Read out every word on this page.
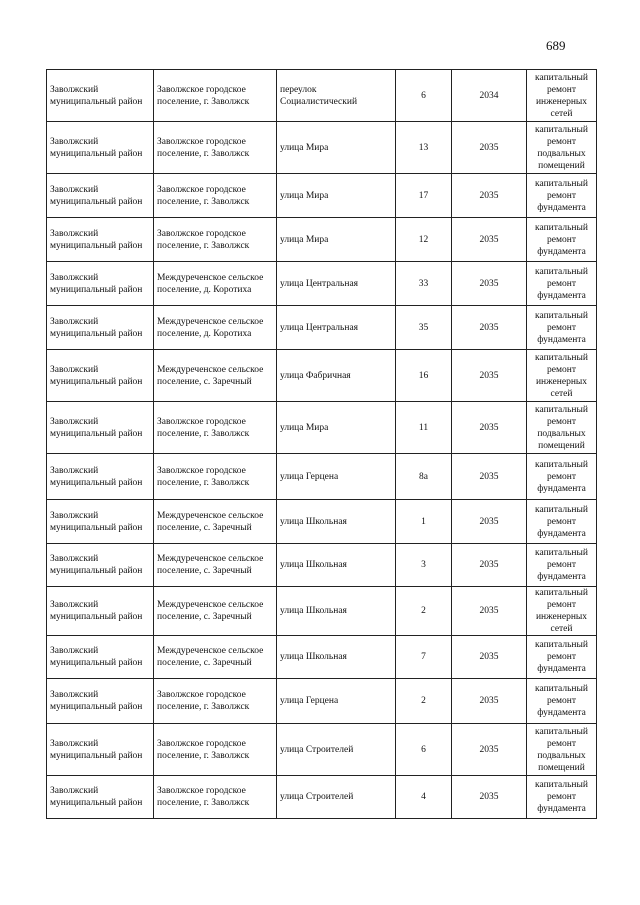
689
Заволжский муниципальный район	Заволжское городское поселение, г. Заволжск	переулок Социалистический	6	2034	капитальный ремонт инженерных сетей
Заволжский муниципальный район	Заволжское городское поселение, г. Заволжск	улица Мира	13	2035	капитальный ремонт подвальных помещений
Заволжский муниципальный район	Заволжское городское поселение, г. Заволжск	улица Мира	17	2035	капитальный ремонт фундамента
Заволжский муниципальный район	Заволжское городское поселение, г. Заволжск	улица Мира	12	2035	капитальный ремонт фундамента
Заволжский муниципальный район	Междуреченское сельское поселение, д. Коротиха	улица Центральная	33	2035	капитальный ремонт фундамента
Заволжский муниципальный район	Междуреченское сельское поселение, д. Коротиха	улица Центральная	35	2035	капитальный ремонт фундамента
Заволжский муниципальный район	Междуреченское сельское поселение, с. Заречный	улица Фабричная	16	2035	капитальный ремонт инженерных сетей
Заволжский муниципальный район	Заволжское городское поселение, г. Заволжск	улица Мира	11	2035	капитальный ремонт подвальных помещений
Заволжский муниципальный район	Заволжское городское поселение, г. Заволжск	улица Герцена	8а	2035	капитальный ремонт фундамента
Заволжский муниципальный район	Междуреченское сельское поселение, с. Заречный	улица Школьная	1	2035	капитальный ремонт фундамента
Заволжский муниципальный район	Междуреченское сельское поселение, с. Заречный	улица Школьная	3	2035	капитальный ремонт фундамента
Заволжский муниципальный район	Междуреченское сельское поселение, с. Заречный	улица Школьная	2	2035	капитальный ремонт инженерных сетей
Заволжский муниципальный район	Междуреченское сельское поселение, с. Заречный	улица Школьная	7	2035	капитальный ремонт фундамента
Заволжский муниципальный район	Заволжское городское поселение, г. Заволжск	улица Герцена	2	2035	капитальный ремонт фундамента
Заволжский муниципальный район	Заволжское городское поселение, г. Заволжск	улица Строителей	6	2035	капитальный ремонт подвальных помещений
Заволжский муниципальный район	Заволжское городское поселение, г. Заволжск	улица Строителей	4	2035	капитальный ремонт фундамента
